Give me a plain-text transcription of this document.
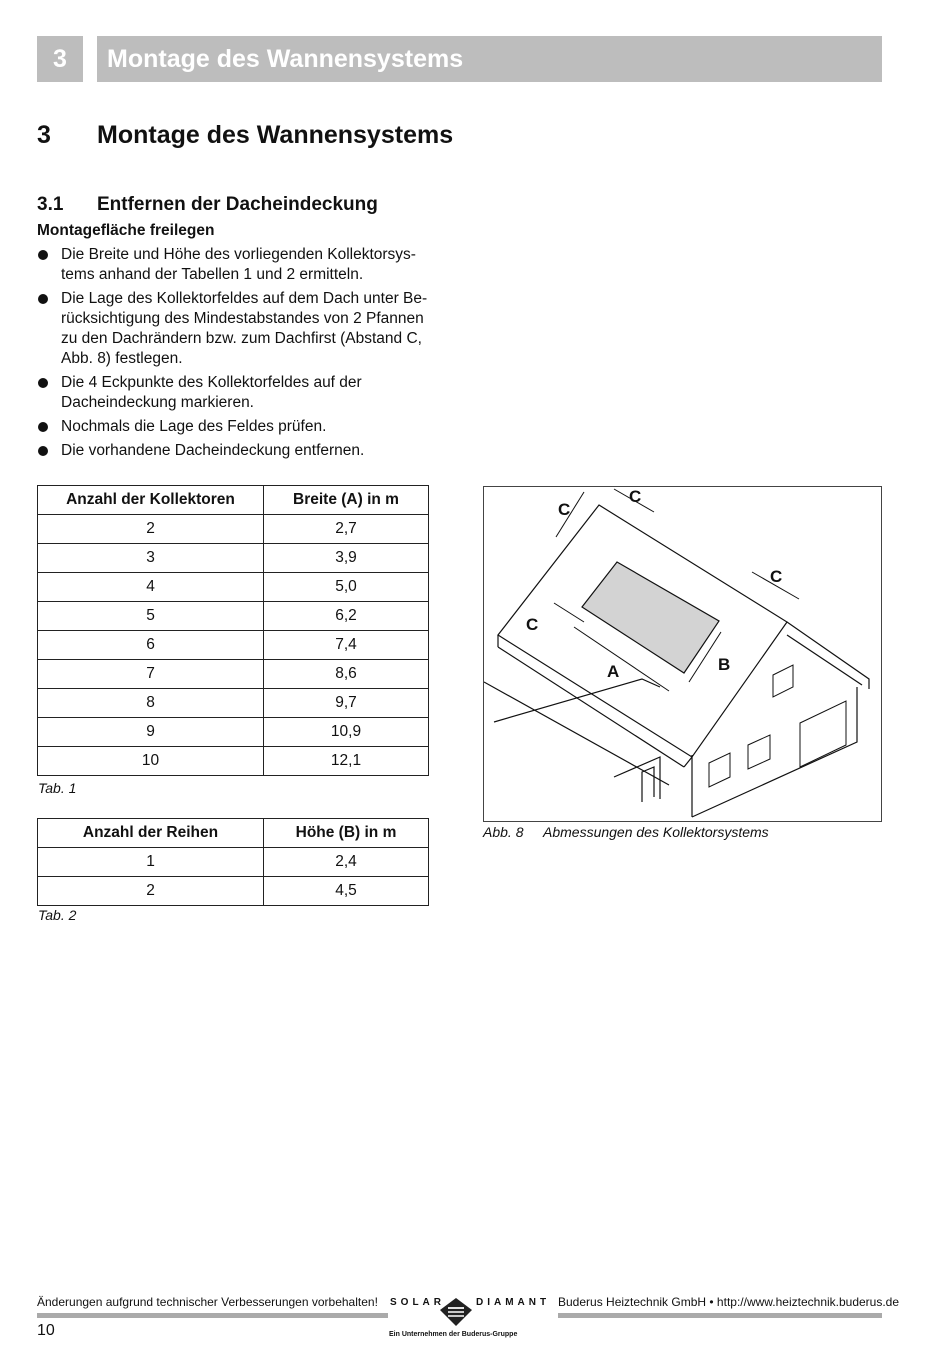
3	Montage des Wannensystems
3 Montage des Wannensystems
3.1 Entfernen der Dacheindeckung
Montagefläche freilegen
Die Breite und Höhe des vorliegenden Kollektorsys-
tems anhand der Tabellen 1 und 2 ermitteln.
Die Lage des Kollektorfeldes auf dem Dach unter Be-
rücksichtigung des Mindestabstandes von 2 Pfannen
zu den Dachrändern bzw. zum Dachfirst (Abstand C,
Abb. 8) festlegen.
Die 4 Eckpunkte des Kollektorfeldes auf der
Dacheindeckung markieren.
Nochmals die Lage des Feldes prüfen.
Die vorhandene Dacheindeckung entfernen.
Anzahl der Kollektoren	Breite (A) in m
2	2,7
3	3,9
4	5,0
5	6,2
6	7,4
7	8,6
8	9,7
9	10,9
10	12,1
Tab. 1
Anzahl der Reihen	Höhe (B) in m
1	2,4
2	4,5
Tab. 2
C
C
C
C
A	B
Abb. 8 Abmessungen des Kollektorsystems
Änderungen aufgrund technischer Verbesserungen vorbehalten!	Buderus Heiztechnik GmbH • http://www.heiztechnik.buderus.de
10
SOLAR	DIAMANT
Ein Unternehmen der Buderus-Gruppe
